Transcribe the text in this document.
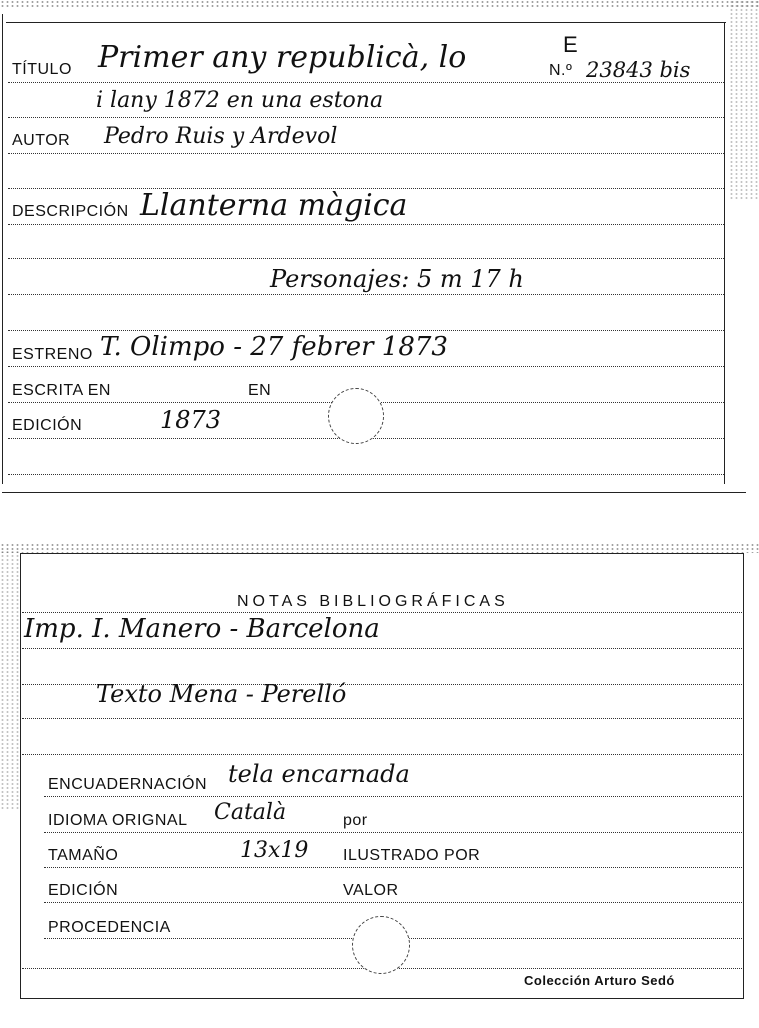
E
TÍTULO Primer any republicà, lo	N.º 23843 bis
i lany 1872 en una estona
AUTOR Pedro Ruis y Ardevol
DESCRIPCIÓN Llanterna màgica
Personajes: 5 m 17 h
ESTRENO T. Olimpo - 27 febrer 1873
ESCRITA EN	EN
EDICIÓN	1873
NOTAS BIBLIOGRÁFICAS
Imp. I. Manero - Barcelona
Texto Mena - Perelló
ENCUADERNACIÓN tela encarnada
IDIOMA ORIGNAL Català	por
TAMAÑO	13x19 ILUSTRADO POR
EDICIÓN	VALOR
PROCEDENCIA
Colección Arturo Sedó
